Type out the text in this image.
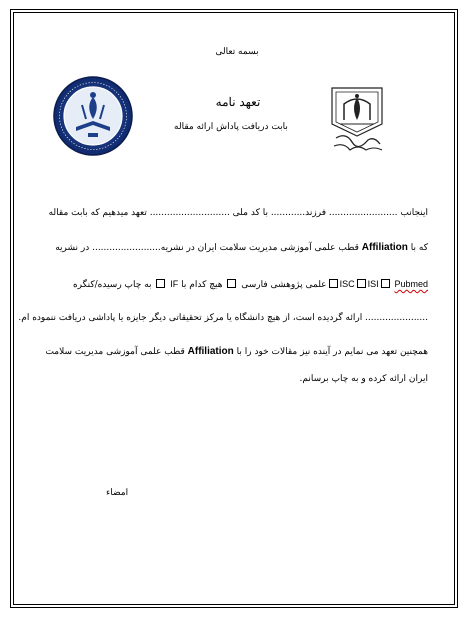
بسمه تعالی
تعهد نامه
بابت دریافت پاداش ارائه مقاله
اینجانب ........................ فرزند............ با کد ملی ............................ تعهد میدهیم که بابت مقاله
که با Affiliation قطب علمی آموزشی مدیریت سلامت ایران در نشریه........................ در نشریه
ISC ISI Pubmedعلمی پژوهشی فارسی  هیچ کدام با IF  به چاپ رسیده/کنگره
...................... ارائه گردیده است، از هیچ دانشگاه یا مرکز تحقیقاتی دیگر جایزه یا پاداشی دریافت ننموده ام.
همچنین تعهد می نمایم در آینده نیز مقالات خود را با Affiliation قطب علمی آموزشی مدیریت سلامت
ایران ارائه کرده و به چاپ برسانم.
امضاء
